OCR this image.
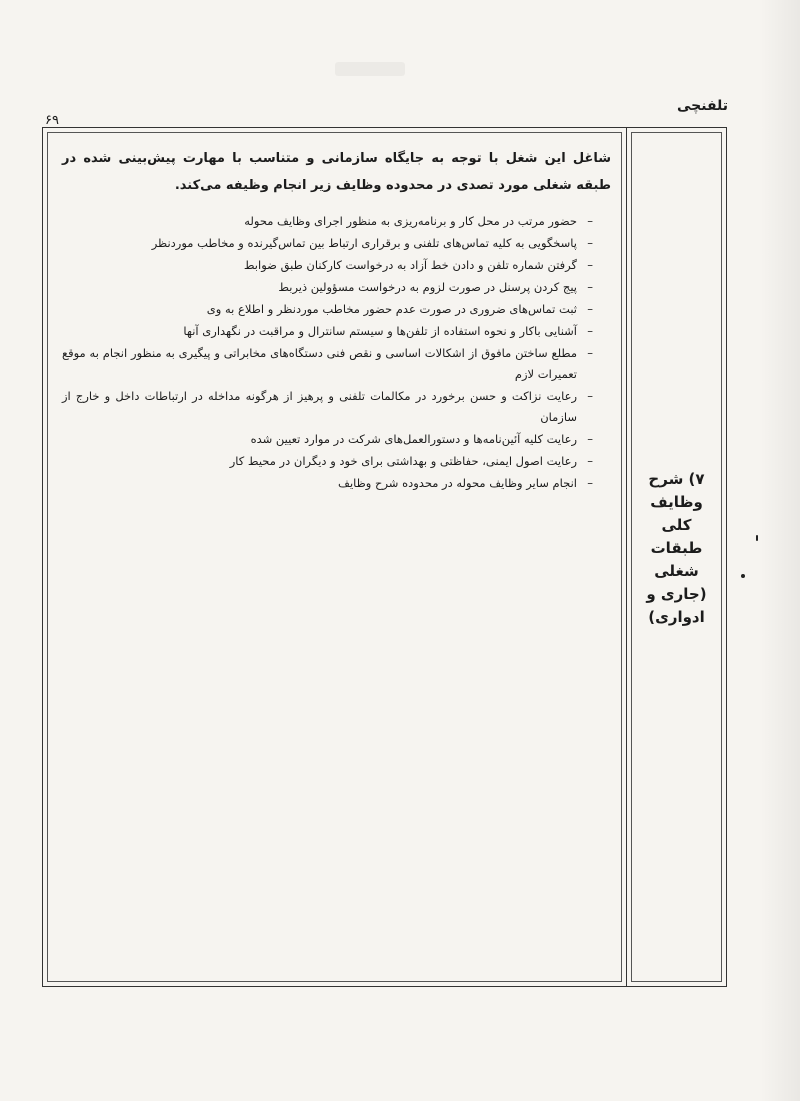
تلفنچی
۶۹
۷) شرح
وظایف
کلی
طبقات
شغلی
(جاری و
ادواری)

شاغل این شغل با توجه به جایگاه سازمانی و متناسب با مهارت پیش‌بینی شده در طبقه شغلی مورد تصدی در محدوده وظایف زیر انجام وظیفه می‌کند.

–
حضور مرتب در محل کار و برنامه‌ریزی به منظور اجرای وظایف محوله
–
پاسخگویی به کلیه تماس‌های تلفنی و برقراری ارتباط بین تماس‌گیرنده و مخاطب موردنظر
–
گرفتن شماره تلفن و دادن خط آزاد به درخواست کارکنان طبق ضوابط
–
پیج کردن پرسنل در صورت لزوم به درخواست مسؤولین ذیربط
–
ثبت تماس‌های ضروری در صورت عدم حضور مخاطب موردنظر و اطلاع به وی
–
آشنایی باکار و نحوه استفاده از تلفن‌ها و سیستم سانترال و مراقبت در نگهداری آنها
–
مطلع ساختن مافوق از اشکالات اساسی و نقص فنی دستگاه‌های مخابراتی و پیگیری به منظور انجام به موقع تعمیرات لازم
–
رعایت نزاکت و حسن برخورد در مکالمات تلفنی و پرهیز از هرگونه مداخله در ارتباطات داخل و خارج از سازمان
–
رعایت کلیه آئین‌نامه‌ها و دستورالعمل‌های شرکت در موارد تعیین شده
–
رعایت اصول ایمنی، حفاظتی و بهداشتی برای خود و دیگران در محیط کار
–
انجام سایر وظایف محوله در محدوده شرح وظایف
